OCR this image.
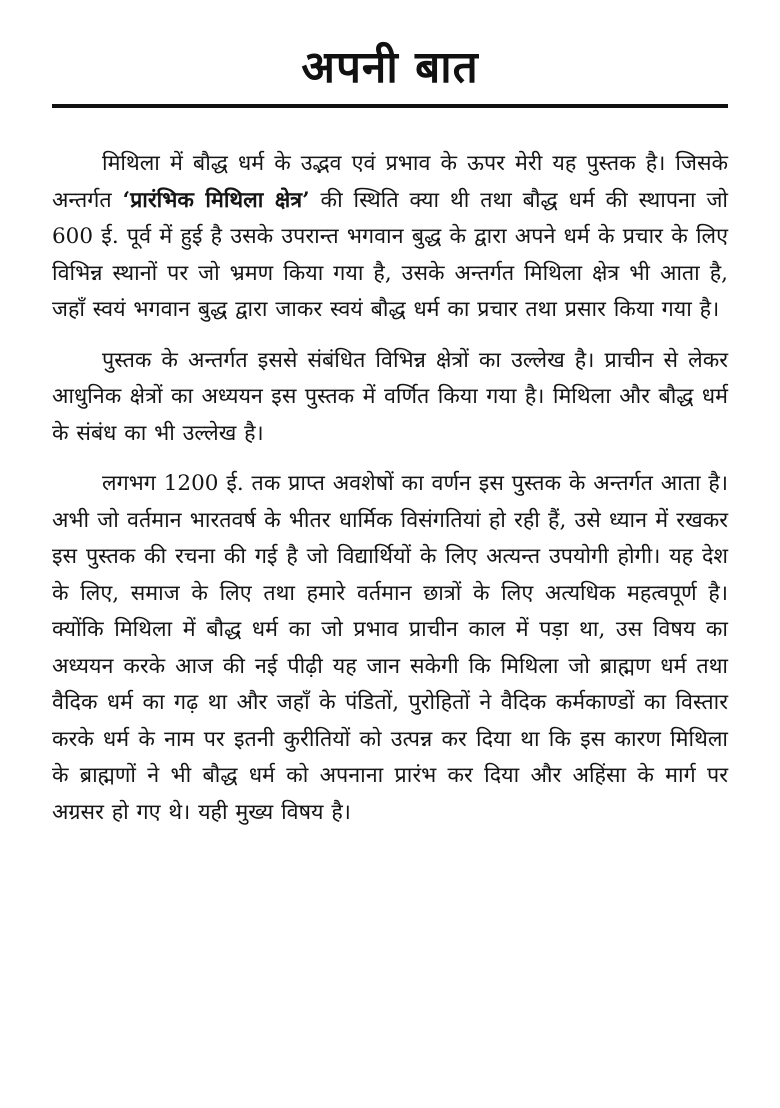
अपनी बात

मिथिला में बौद्ध धर्म के उद्भव एवं प्रभाव के ऊपर मेरी यह पुस्तक है। जिसके अन्तर्गत ‘प्रारंभिक मिथिला क्षेत्र’ की स्थिति क्या थी तथा बौद्ध धर्म की स्थापना जो 600 ई. पूर्व में हुई है उसके उपरान्त भगवान बुद्ध के द्वारा अपने धर्म के प्रचार के लिए विभिन्न स्थानों पर जो भ्रमण किया गया है, उसके अन्तर्गत मिथिला क्षेत्र भी आता है, जहाँ स्वयं भगवान बुद्ध द्वारा जाकर स्वयं बौद्ध धर्म का प्रचार तथा प्रसार किया गया है।

पुस्तक के अन्तर्गत इससे संबंधित विभिन्न क्षेत्रों का उल्लेख है। प्राचीन से लेकर आधुनिक क्षेत्रों का अध्ययन इस पुस्तक में वर्णित किया गया है। मिथिला और बौद्ध धर्म के संबंध का भी उल्लेख है।

लगभग 1200 ई. तक प्राप्त अवशेषों का वर्णन इस पुस्तक के अन्तर्गत आता है। अभी जो वर्तमान भारतवर्ष के भीतर धार्मिक विसंगतियां हो रही हैं, उसे ध्यान में रखकर इस पुस्तक की रचना की गई है जो विद्यार्थियों के लिए अत्यन्त उपयोगी होगी। यह देश के लिए, समाज के लिए तथा हमारे वर्तमान छात्रों के लिए अत्यधिक महत्वपूर्ण है। क्योंकि मिथिला में बौद्ध धर्म का जो प्रभाव प्राचीन काल में पड़ा था, उस विषय का अध्ययन करके आज की नई पीढ़ी यह जान सकेगी कि मिथिला जो ब्राह्मण धर्म तथा वैदिक धर्म का गढ़ था और जहाँ के पंडितों, पुरोहितों ने वैदिक कर्मकाण्डों का विस्तार करके धर्म के नाम पर इतनी कुरीतियों को उत्पन्न कर दिया था कि इस कारण मिथिला के ब्राह्मणों ने भी बौद्ध धर्म को अपनाना प्रारंभ कर दिया और अहिंसा के मार्ग पर अग्रसर हो गए थे। यही मुख्य विषय है।
